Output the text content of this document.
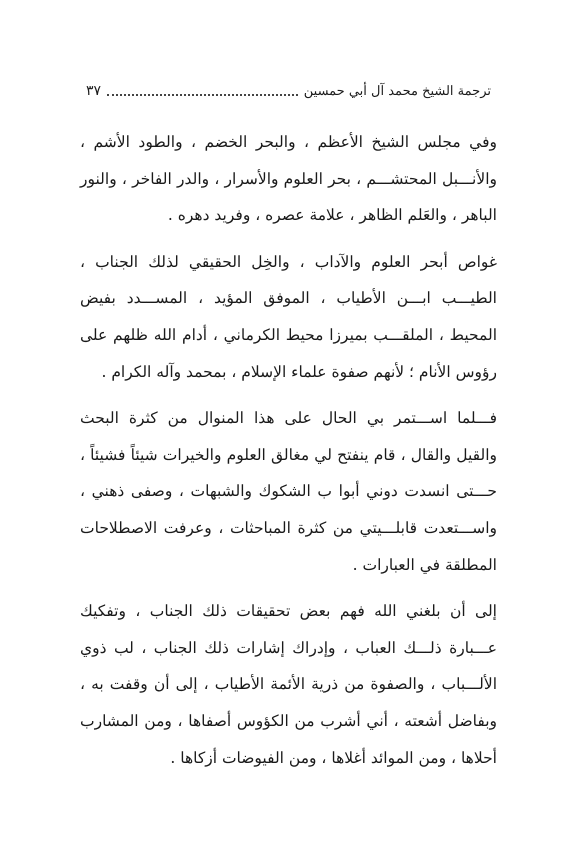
ترجمة الشيخ محمد آل أبي حمسين
٣٧

وفي مجلس الشيخ الأعظم ، والبحر الخضم ، والطود الأشم ، والأنـــبل المحتشـــم ، بحر العلوم والأسرار ، والدر الفاخر ، والنور الباهر ، والعَلم الظاهر ، علامة عصره ، وفريد دهره .

غواص أبحر العلوم والآداب ، والخِل الحقيقي لذلك الجناب ، الطيـــب ابـــن الأطياب ، الموفق المؤيد ، المســـدد بفيض المحيط ، الملقـــب بميرزا محيط الكرماني ، أدام الله ظلهم على رؤوس الأنام ؛ لأنهم صفوة علماء الإسلام ، بمحمد وآله الكرام .

فـــلما اســـتمر بي الحال على هذا المنوال من كثرة البحث والقيل والقال ، قام ينفتح لي مغالق العلوم والخيرات شيئاً فشيئاً ، حـــتى انسدت دوني أبوا ب الشكوك والشبهات ، وصفى ذهني ، واســـتعدت قابلـــيتي من كثرة المباحثات ، وعرفت الاصطلاحات المطلقة في العبارات .

إلى أن بلغني الله فهم بعض تحقيقات ذلك الجناب ، وتفكيك عـــبارة ذلـــك العباب ، وإدراك إشارات ذلك الجناب ، لب ذوي الألـــباب ، والصفوة من ذرية الأئمة الأطياب ، إلى أن وقفت به ، وبفاضل أشعته ، أني أشرب من الكؤوس أصفاها ، ومن المشارب أحلاها ، ومن الموائد أغلاها ، ومن الفيوضات أزكاها .
